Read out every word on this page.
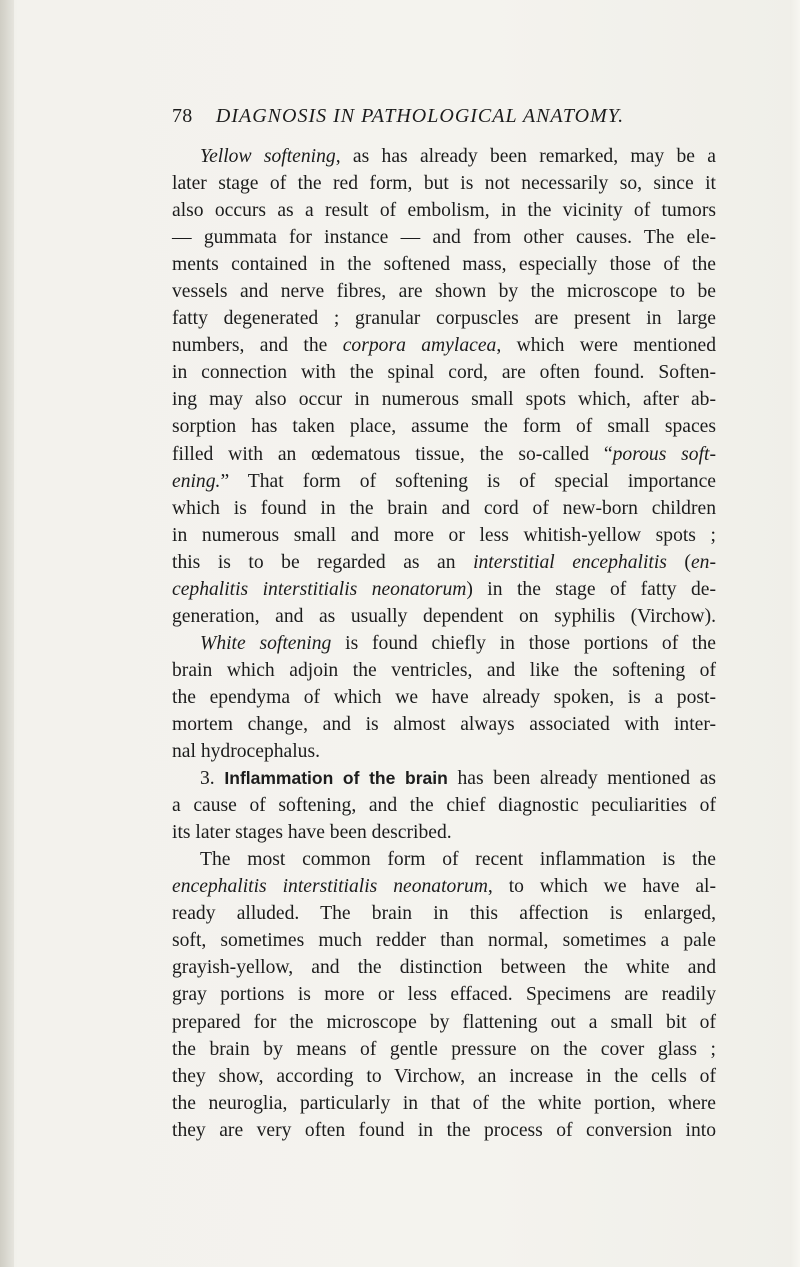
78 DIAGNOSIS IN PATHOLOGICAL ANATOMY.
Yellow softening, as has already been remarked, may be a
later stage of the red form, but is not necessarily so, since it
also occurs as a result of embolism, in the vicinity of tumors
— gummata for instance — and from other causes. The ele-
ments contained in the softened mass, especially those of the
vessels and nerve fibres, are shown by the microscope to be
fatty degenerated ; granular corpuscles are present in large
numbers, and the corpora amylacea, which were mentioned
in connection with the spinal cord, are often found. Soften-
ing may also occur in numerous small spots which, after ab-
sorption has taken place, assume the form of small spaces
filled with an œdematous tissue, the so-called “porous soft-
ening.” That form of softening is of special importance
which is found in the brain and cord of new-born children
in numerous small and more or less whitish-yellow spots ;
this is to be regarded as an interstitial encephalitis (en-
cephalitis interstitialis neonatorum) in the stage of fatty de-
generation, and as usually dependent on syphilis (Virchow).
White softening is found chiefly in those portions of the
brain which adjoin the ventricles, and like the softening of
the ependyma of which we have already spoken, is a post-
mortem change, and is almost always associated with inter-
nal hydrocephalus.
3. Inflammation of the brain has been already mentioned as
a cause of softening, and the chief diagnostic peculiarities of
its later stages have been described.
The most common form of recent inflammation is the
encephalitis interstitialis neonatorum, to which we have al-
ready alluded. The brain in this affection is enlarged,
soft, sometimes much redder than normal, sometimes a pale
grayish-yellow, and the distinction between the white and
gray portions is more or less effaced. Specimens are readily
prepared for the microscope by flattening out a small bit of
the brain by means of gentle pressure on the cover glass ;
they show, according to Virchow, an increase in the cells of
the neuroglia, particularly in that of the white portion, where
they are very often found in the process of conversion into
